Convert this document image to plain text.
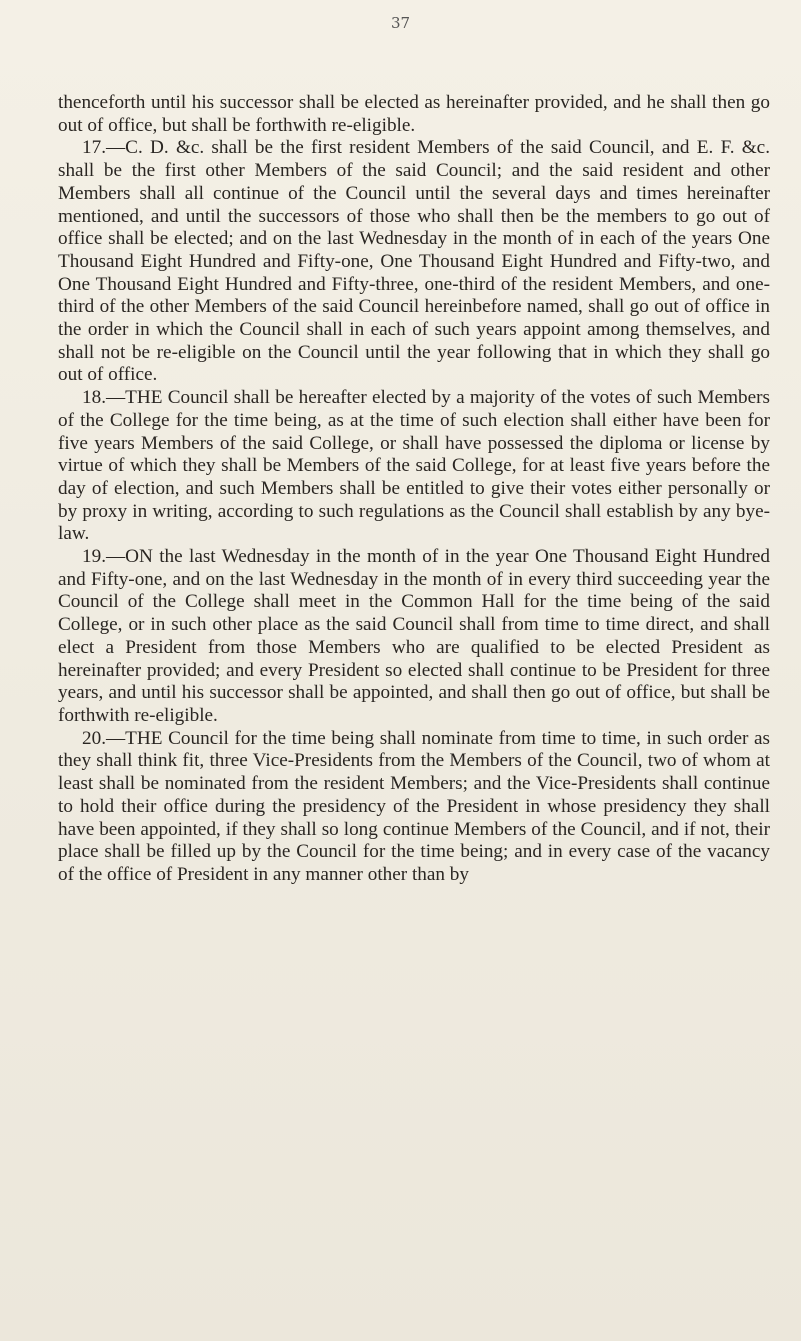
37

thenceforth until his successor shall be elected as hereinafter provided, and he shall then go out of office, but shall be forthwith re-eligible.

17.—C. D. &c. shall be the first resident Members of the said Council, and E. F. &c. shall be the first other Members of the said Council; and the said resident and other Members shall all continue of the Council until the several days and times hereinafter mentioned, and until the successors of those who shall then be the members to go out of office shall be elected; and on the last Wednesday in the month of in each of the years One Thousand Eight Hundred and Fifty-one, One Thousand Eight Hundred and Fifty-two, and One Thousand Eight Hundred and Fifty-three, one-third of the resident Members, and one-third of the other Members of the said Council hereinbefore named, shall go out of office in the order in which the Council shall in each of such years appoint among themselves, and shall not be re-eligible on the Council until the year following that in which they shall go out of office.

18.—THE Council shall be hereafter elected by a majority of the votes of such Members of the College for the time being, as at the time of such election shall either have been for five years Members of the said College, or shall have possessed the diploma or license by virtue of which they shall be Members of the said College, for at least five years before the day of election, and such Members shall be entitled to give their votes either personally or by proxy in writing, according to such regulations as the Council shall establish by any bye-law.

19.—ON the last Wednesday in the month of in the year One Thousand Eight Hundred and Fifty-one, and on the last Wednesday in the month of in every third succeeding year the Council of the College shall meet in the Common Hall for the time being of the said College, or in such other place as the said Council shall from time to time direct, and shall elect a President from those Members who are qualified to be elected President as hereinafter provided; and every President so elected shall continue to be President for three years, and until his successor shall be appointed, and shall then go out of office, but shall be forthwith re-eligible.

20.—THE Council for the time being shall nominate from time to time, in such order as they shall think fit, three Vice-Presidents from the Members of the Council, two of whom at least shall be nominated from the resident Members; and the Vice-Presidents shall continue to hold their office during the presidency of the President in whose presidency they shall have been appointed, if they shall so long continue Members of the Council, and if not, their place shall be filled up by the Council for the time being; and in every case of the vacancy of the office of President in any manner other than by
